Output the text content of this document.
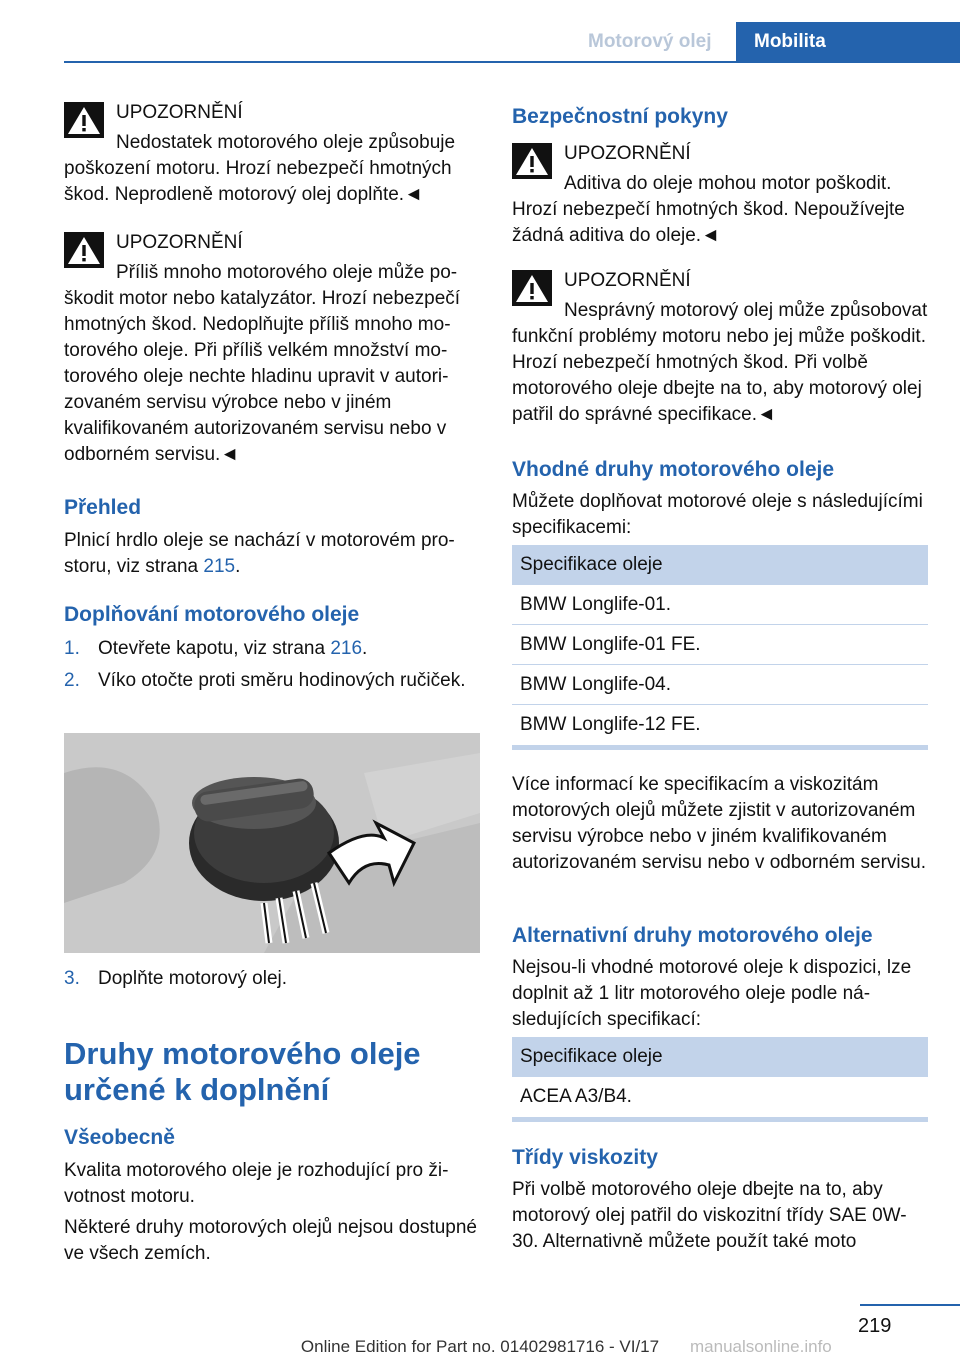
Motorový olej	Mobilita
UPOZORNĚNÍ
Nedostatek motorového oleje způsobuje poškození motoru. Hrozí nebezpečí hmotných škod. Neprodleně motorový olej doplňte.◄
UPOZORNĚNÍ
Příliš mnoho motorového oleje může poškodit motor nebo katalyzátor. Hrozí nebezpečí hmotných škod. Nedoplňujte příliš mnoho motorového oleje. Při příliš velkém množství motorového oleje nechte hladinu upravit v autorizovaném servisu výrobce nebo v jiném kvalifikovaném autorizovaném servisu nebo v odborném servisu.◄
Přehled
Plnicí hrdlo oleje se nachází v motorovém prostoru, viz strana 215.
Doplňování motorového oleje
1. Otevřete kapotu, viz strana 216.
2. Víko otočte proti směru hodinových ručiček.
3. Doplňte motorový olej.
Druhy motorového oleje
určené k doplnění
Všeobecně
Kvalita motorového oleje je rozhodující pro životnost motoru.
Některé druhy motorových olejů nejsou dostupné ve všech zemích.
Bezpečnostní pokyny
UPOZORNĚNÍ
Aditiva do oleje mohou motor poškodit. Hrozí nebezpečí hmotných škod. Nepoužívejte žádná aditiva do oleje.◄
UPOZORNĚNÍ
Nesprávný motorový olej může způsobovat funkční problémy motoru nebo jej může poškodit. Hrozí nebezpečí hmotných škod. Při volbě motorového oleje dbejte na to, aby motorový olej patřil do správné specifikace.◄
Vhodné druhy motorového oleje
Můžete doplňovat motorové oleje s následujícími specifikacemi:
Specifikace oleje
BMW Longlife-01.
BMW Longlife-01 FE.
BMW Longlife-04.
BMW Longlife-12 FE.
Více informací ke specifikacím a viskozitám motorových olejů můžete zjistit v autorizovaném servisu výrobce nebo v jiném kvalifikovaném autorizovaném servisu nebo v odborném servisu.
Alternativní druhy motorového oleje
Nejsou-li vhodné motorové oleje k dispozici, lze doplnit až 1 litr motorového oleje podle následujících specifikací:
Specifikace oleje
ACEA A3/B4.
Třídy viskozity
Při volbě motorového oleje dbejte na to, aby motorový olej patřil do viskozitní třídy SAE 0W-30. Alternativně můžete použít také moto
219
manualsonline.info
Online Edition for Part no. 01402981716 - VI/17
